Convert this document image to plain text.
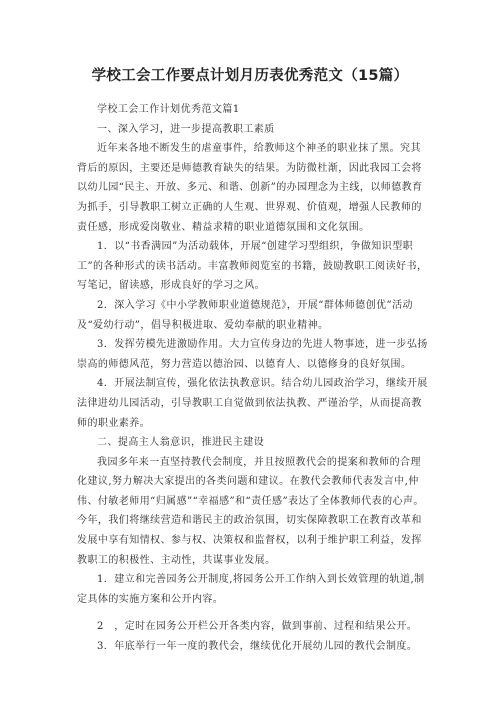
学校工会工作要点计划月历表优秀范文（15篇）

学校工会工作计划优秀范文篇1

一、深入学习，进一步提高教职工素质

近年来各地不断发生的虐童事件，给教师这个神圣的职业抹了黑。究其背后的原因，主要还是师德教育缺失的结果。为防微杜渐，因此我园工会将以幼儿园“民主、开放、多元、和谐、创新”的办园理念为主线，以师德教育为抓手，引导教职工树立正确的人生观、世界观、价值观，增强人民教师的责任感，形成爱岗敬业、精益求精的职业道德氛围和文化氛围。

1．以“书香满园”为活动载体，开展“创建学习型组织，争做知识型职工”的各种形式的读书活动。丰富教师阅览室的书籍，鼓励教职工阅读好书，写笔记，留读感，形成良好的学习之风。

2．深入学习《中小学教师职业道德规范》，开展“群体师德创优”活动及“爱幼行动”，倡导积极进取、爱幼奉献的职业精神。

3．发挥劳模先进激励作用。大力宣传身边的先进人物事迹，进一步弘扬崇高的师德风范，努力营造以德治园、以德育人、以德修身的良好氛围。

4．开展法制宣传，强化依法执教意识。结合幼儿园政治学习，继续开展法律进幼儿园活动，引导教职工自觉做到依法执教、严谨治学，从而提高教师的职业素养。

二、提高主人翁意识，推进民主建设

我园多年来一直坚持教代会制度，并且按照教代会的提案和教师的合理化建议,努力解决大家提出的各类问题和建议。在教代会教师代表发言中,仲伟、付敏老师用“归属感”“幸福感”和“责任感”表达了全体教师代表的心声。今年，我们将继续营造和谐民主的政治氛围，切实保障教职工在教育改革和发展中享有知情权、参与权、决策权和监督权，以利于维护职工利益，发挥教职工的积极性、主动性，共谋事业发展。

1．建立和完善园务公开制度,将园务公开工作纳入到长效管理的轨道,制定具体的实施方案和公开内容。

2　，定时在园务公开栏公开各类内容，做到事前、过程和结果公开。

3．年底举行一年一度的教代会，继续优化开展幼儿园的教代会制度。
